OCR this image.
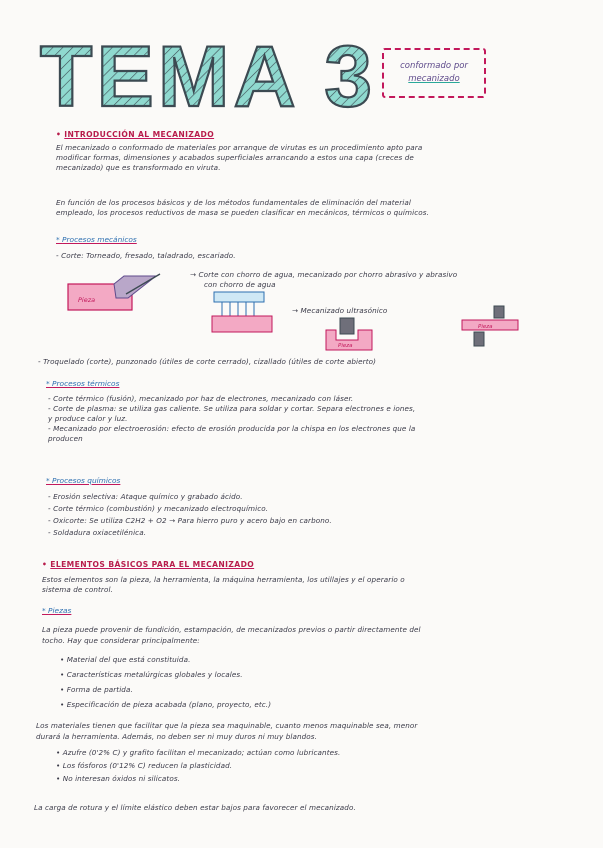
TEMA 3	conformado por
mecanizado
• INTRODUCCIÓN AL MECANIZADO
El mecanizado o conformado de materiales por arranque de virutas es un procedimiento apto para
modificar formas, dimensiones y acabados superficiales arrancando a estos una capa (creces de
mecanizado) que es transformado en viruta.
En función de los procesos básicos y de los métodos fundamentales de eliminación del material
empleado, los procesos reductivos de masa se pueden clasificar en mecánicos, térmicos o químicos.
* Procesos mecánicos
- Corte: Torneado, fresado, taladrado, escariado.
→ Corte con chorro de agua, mecanizado por chorro abrasivo y abrasivo
con chorro de agua
→ Mecanizado ultrasónico
Pieza
Pieza
Pieza
- Troquelado (corte), punzonado (útiles de corte cerrado), cizallado (útiles de corte abierto)
* Procesos térmicos
- Corte térmico (fusión), mecanizado por haz de electrones, mecanizado con láser.
- Corte de plasma: se utiliza gas caliente. Se utiliza para soldar y cortar. Separa electrones e iones,
y produce calor y luz.
- Mecanizado por electroerosión: efecto de erosión producida por la chispa en los electrones que la
producen
* Procesos químicos
- Erosión selectiva: Ataque químico y grabado ácido.
- Corte térmico (combustión) y mecanizado electroquímico.
- Oxicorte: Se utiliza C2H2 + O2 → Para hierro puro y acero bajo en carbono.
- Soldadura oxiacetilénica.
• ELEMENTOS BÁSICOS PARA EL MECANIZADO
Estos elementos son la pieza, la herramienta, la máquina herramienta, los utillajes y el operario o
sistema de control.
* Piezas
La pieza puede provenir de fundición, estampación, de mecanizados previos o partir directamente del
tocho. Hay que considerar principalmente:
• Material del que está constituida.
• Características metalúrgicas globales y locales.
• Forma de partida.
• Especificación de pieza acabada (plano, proyecto, etc.)
Los materiales tienen que facilitar que la pieza sea maquinable, cuanto menos maquinable sea, menor
durará la herramienta. Además, no deben ser ni muy duros ni muy blandos.
• Azufre (0'2% C) y grafito facilitan el mecanizado; actúan como lubricantes.
• Los fósforos (0'12% C) reducen la plasticidad.
• No interesan óxidos ni silicatos.
La carga de rotura y el límite elástico deben estar bajos para favorecer el mecanizado.
